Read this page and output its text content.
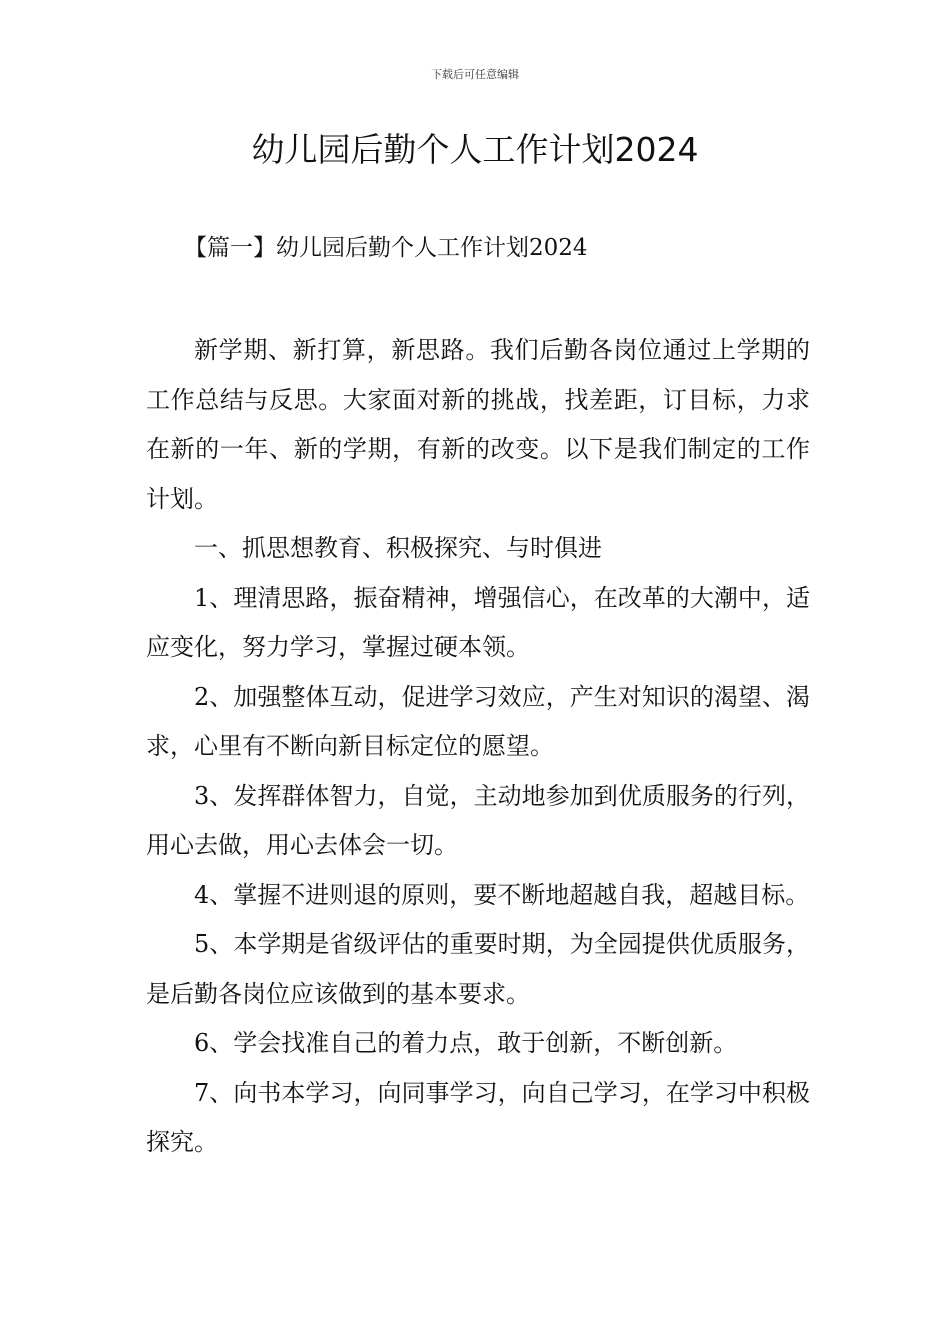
下载后可任意编辑
幼儿园后勤个人工作计划2024
【篇一】幼儿园后勤个人工作计划2024

新学期、新打算，新思路。我们后勤各岗位通过上学期的工作总结与反思。大家面对新的挑战，找差距，订目标，力求在新的一年、新的学期，有新的改变。以下是我们制定的工作计划。

一、抓思想教育、积极探究、与时俱进

1、理清思路，振奋精神，增强信心，在改革的大潮中，适应变化，努力学习，掌握过硬本领。

2、加强整体互动，促进学习效应，产生对知识的渴望、渴求，心里有不断向新目标定位的愿望。

3、发挥群体智力，自觉，主动地参加到优质服务的行列，用心去做，用心去体会一切。

4、掌握不进则退的原则，要不断地超越自我，超越目标。

5、本学期是省级评估的重要时期，为全园提供优质服务，是后勤各岗位应该做到的基本要求。

6、学会找准自己的着力点，敢于创新，不断创新。

7、向书本学习，向同事学习，向自己学习，在学习中积极探究。
